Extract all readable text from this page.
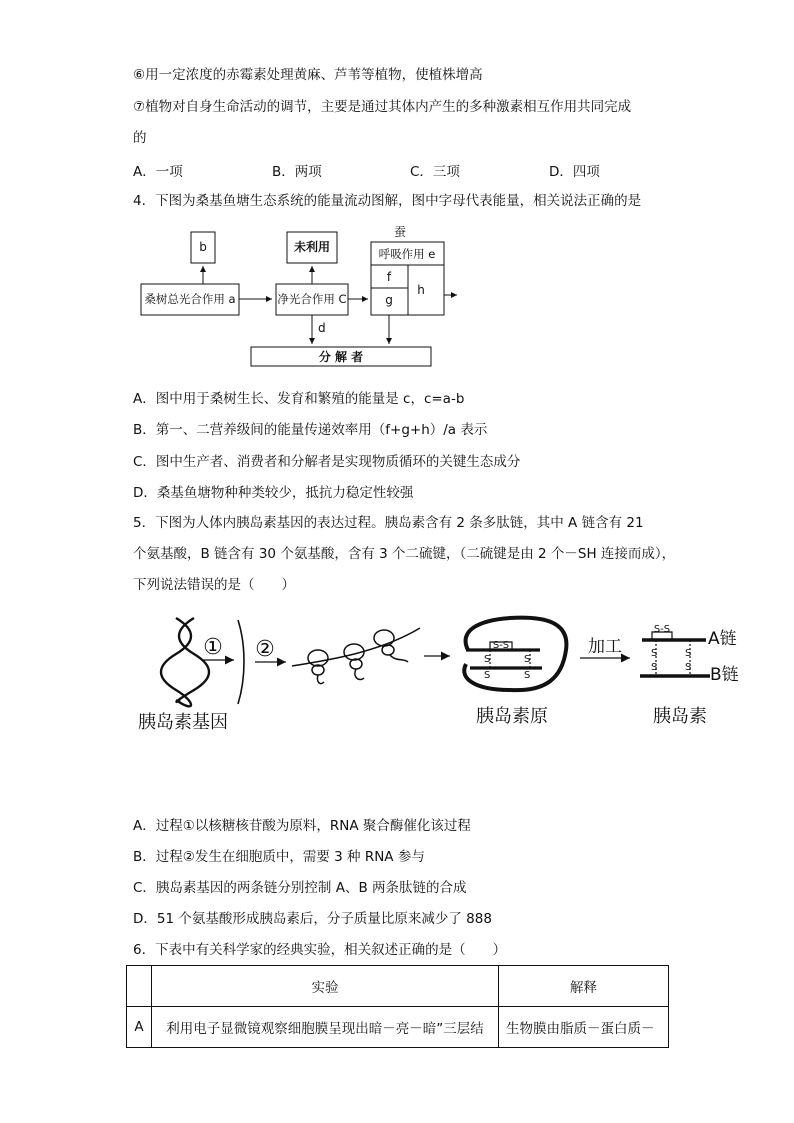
⑥用一定浓度的赤霉素处理黄麻、芦苇等植物，使植株增高
⑦植物对自身生命活动的调节，主要是通过其体内产生的多种激素相互作用共同完成
的
A．一项	B．两项	C．三项	D．四项
4．下图为桑基鱼塘生态系统的能量流动图解，图中字母代表能量，相关说法正确的是
蚕
b	未利用
桑树总光合作用 a	净光合作用 C
呼吸作用 e
f
g
h
d
分 解 者
A．图中用于桑树生长、发育和繁殖的能量是 c，c=a-b
B．第一、二营养级间的能量传递效率用（f+g+h）/a 表示
C．图中生产者、消费者和分解者是实现物质循环的关键生态成分
D．桑基鱼塘物种种类较少，抵抗力稳定性较强
5．下图为人体内胰岛素基因的表达过程。胰岛素含有 2 条多肽链，其中 A 链含有 21
个氨基酸，B 链含有 30 个氨基酸，含有 3 个二硫键，（二硫键是由 2 个－SH 连接而成），
下列说法错误的是（　　）
① ②	S-S
S
S
S
S
加工
S-S
S
S
S
S
A链
B链
胰岛素基因	胰岛素原	胰岛素
A．过程①以核糖核苷酸为原料，RNA 聚合酶催化该过程
B．过程②发生在细胞质中，需要 3 种 RNA 参与
C．胰岛素基因的两条链分别控制 A、B 两条肽链的合成
D．51 个氨基酸形成胰岛素后，分子质量比原来减少了 888
6．下表中有关科学家的经典实验，相关叙述正确的是（　　）
	实验	解释
A	利用电子显微镜观察细胞膜呈现出暗－亮－暗”三层结	生物膜由脂质－蛋白质－
